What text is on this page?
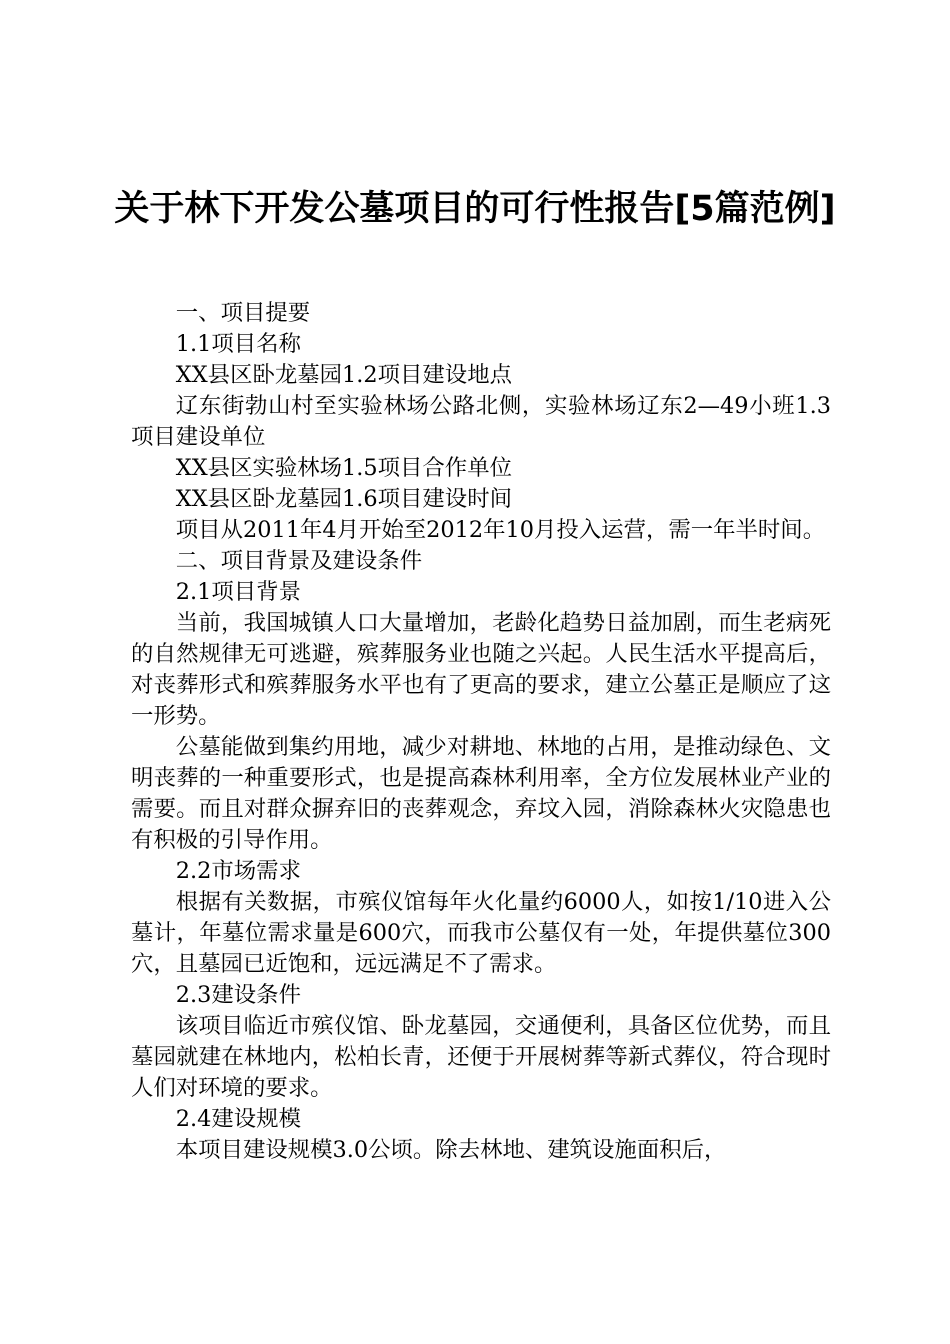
关于林下开发公墓项目的可行性报告[5篇范例]

一、项目提要

1.1项目名称

XX县区卧龙墓园1.2项目建设地点

辽东街勃山村至实验林场公路北侧，实验林场辽东2—49小班1.3项目建设单位

XX县区实验林场1.5项目合作单位

XX县区卧龙墓园1.6项目建设时间

项目从2011年4月开始至2012年10月投入运营，需一年半时间。

二、项目背景及建设条件

2.1项目背景

当前，我国城镇人口大量增加，老龄化趋势日益加剧，而生老病死的自然规律无可逃避，殡葬服务业也随之兴起。人民生活水平提高后，对丧葬形式和殡葬服务水平也有了更高的要求，建立公墓正是顺应了这一形势。

公墓能做到集约用地，减少对耕地、林地的占用，是推动绿色、文明丧葬的一种重要形式，也是提高森林利用率，全方位发展林业产业的需要。而且对群众摒弃旧的丧葬观念，弃坟入园，消除森林火灾隐患也有积极的引导作用。

2.2市场需求

根据有关数据，市殡仪馆每年火化量约6000人，如按1/10进入公墓计，年墓位需求量是600穴，而我市公墓仅有一处，年提供墓位300穴，且墓园已近饱和，远远满足不了需求。

2.3建设条件

该项目临近市殡仪馆、卧龙墓园，交通便利，具备区位优势，而且墓园就建在林地内，松柏长青，还便于开展树葬等新式葬仪，符合现时人们对环境的要求。

2.4建设规模

本项目建设规模3.0公顷。除去林地、建筑设施面积后，
